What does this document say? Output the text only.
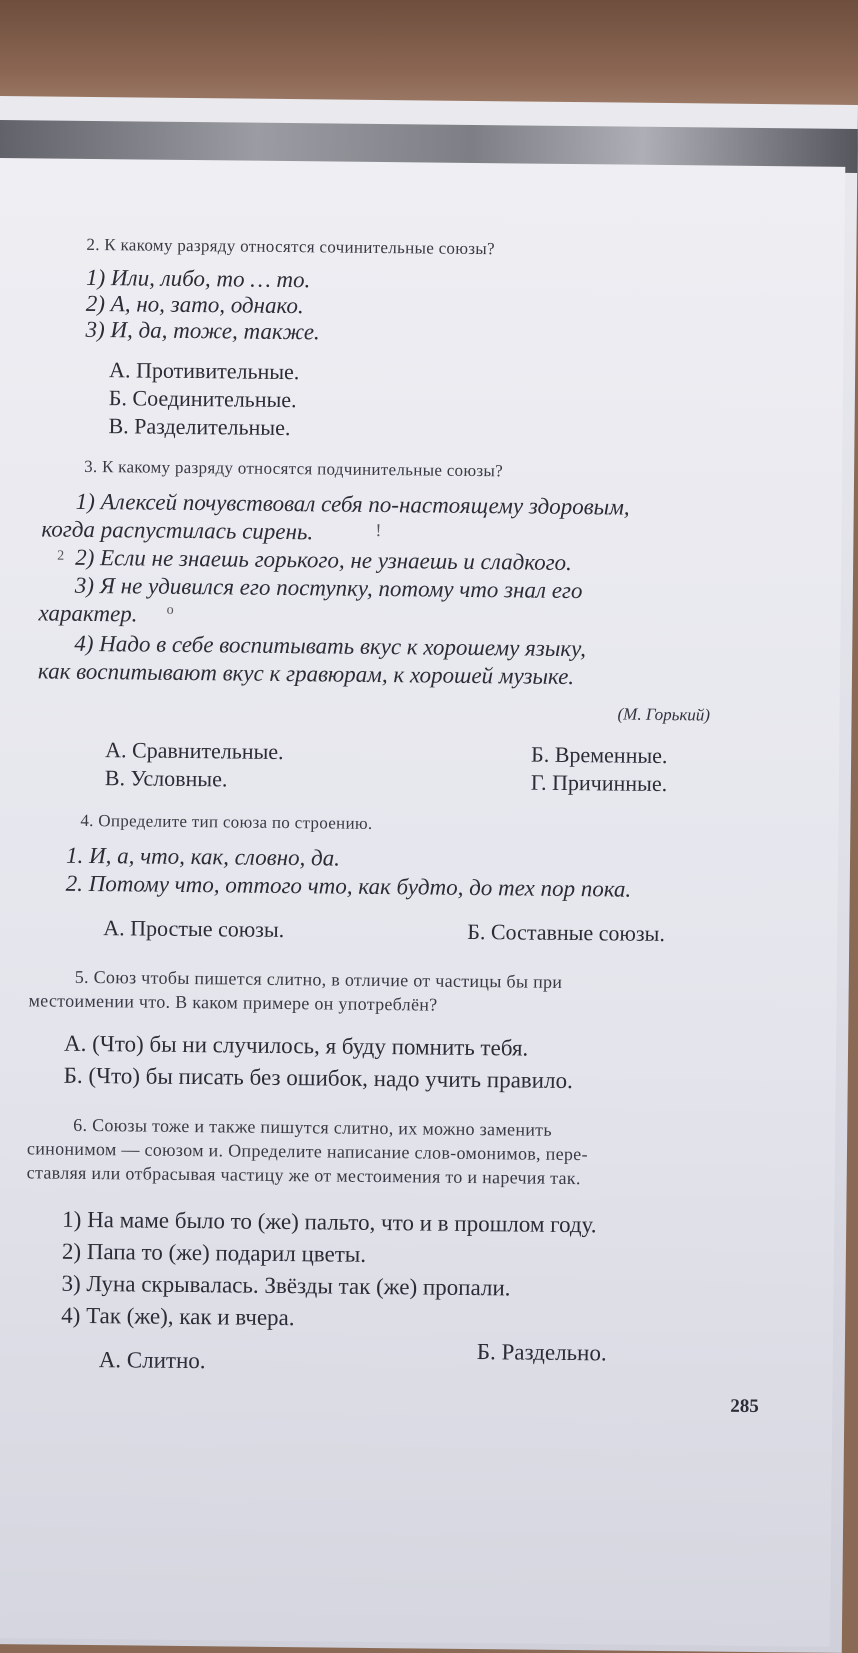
2. К какому разряду относятся сочинительные союзы?
1) Или, либо, то … то.
2) А, но, зато, однако.
3) И, да, тоже, также.
А. Противительные.
Б. Соединительные.
В. Разделительные.
3. К какому разряду относятся подчинительные союзы?
1) Алексей почувствовал себя по-настоящему здоровым,
когда распустилась сирень.	!
2 2) Если не знаешь горького, не узнаешь и сладкого.
3) Я не удивился его поступку, потому что знал его
характер. о
4) Надо в себе воспитывать вкус к хорошему языку,
как воспитывают вкус к гравюрам, к хорошей музыке.
(М. Горький)
А. Сравнительные.	Б. Временные.
В. Условные.	Г. Причинные.
4. Определите тип союза по строению.
1. И, а, что, как, словно, да.
2. Потому что, оттого что, как будто, до тех пор пока.
А. Простые союзы.	Б. Составные союзы.
5. Союз чтобы пишется слитно, в отличие от частицы бы при
местоимении что. В каком примере он употреблён?
А. (Что) бы ни случилось, я буду помнить тебя.
Б. (Что) бы писать без ошибок, надо учить правило.
6. Союзы тоже и также пишутся слитно, их можно заменить
синонимом — союзом и. Определите написание слов-омонимов, пере-
ставляя или отбрасывая частицу же от местоимения то и наречия так.
1) На маме было то (же) пальто, что и в прошлом году.
2) Папа то (же) подарил цветы.
3) Луна скрывалась. Звёзды так (же) пропали.
4) Так (же), как и вчера.
А. Слитно.	Б. Раздельно.
285
